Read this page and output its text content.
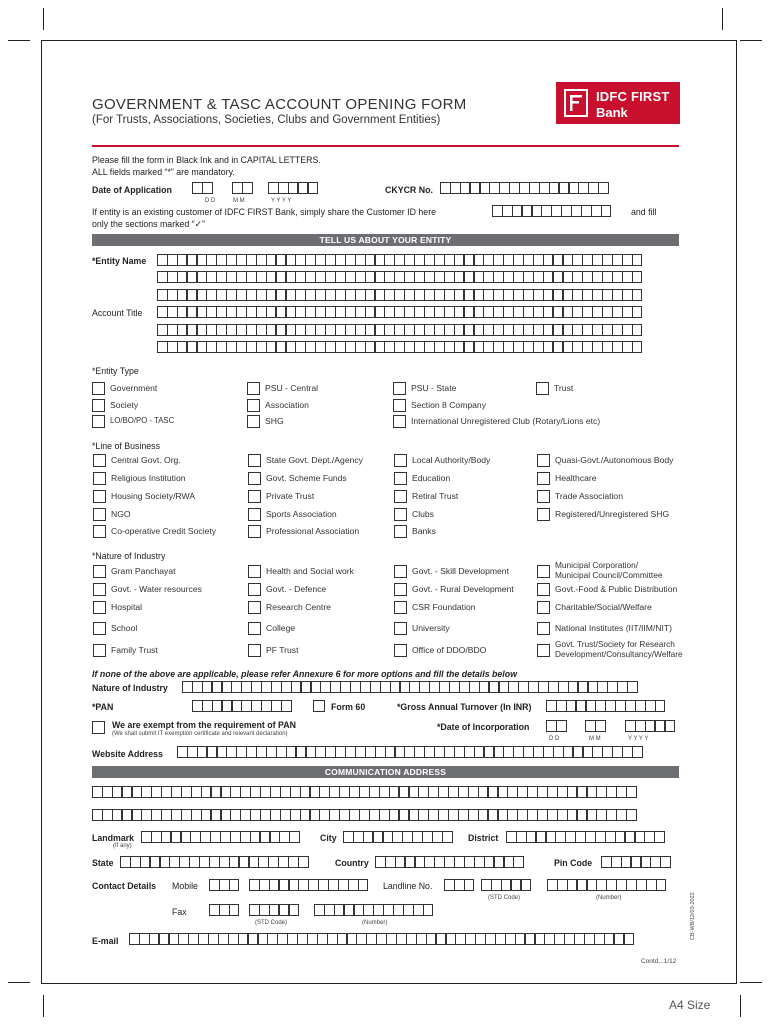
GOVERNMENT & TASC ACCOUNT OPENING FORM
(For Trusts, Associations, Societies, Clubs and Government Entities)
IDFC FIRST
Bank
Please fill the form in Black Ink and in CAPITAL LETTERS.
ALL fields marked “*” are mandatory.
Date of Application
D D	M M	Y Y Y Y
CKYCR No.
If entity is an existing customer of IDFC FIRST Bank, simply share the Customer ID here	and fill
only the sections marked “✓”
TELL US ABOUT YOUR ENTITY
*Entity Name
Account Title
*Entity Type
Government	PSU - Central	PSU - State	Trust
Society	Association	Section 8 Company
LO/BO/PO - TASC	SHG	International Unregistered Club (Rotary/Lions etc)
*Line of Business
Central Govt. Org.	State Govt. Dept./Agency	Local Authority/Body	Quasi-Govt./Autonomous Body
Religious Institution	Govt. Scheme Funds	Education	Healthcare
Housing Society/RWA	Private Trust	Retiral Trust	Trade Association
NGO	Sports Association	Clubs	Registered/Unregistered SHG
Co-operative Credit Society	Professional Association	Banks
*Nature of Industry
Gram Panchayat	Health and Social work	Govt. - Skill Development
Municipal Corporation/
Municipal Council/Committee
Govt. - Water resources	Govt. - Defence	Govt. - Rural Development	Govt.-Food & Public Distribution
Hospital	Research Centre	CSR Foundation	Charitable/Social/Welfare
School	College	University	National Institutes (IIT/IIM/NIT)
Family Trust	PF Trust	Office of DDO/BDO
Govt. Trust/Society for Research
Development/Consultancy/Welfare
If none of the above are applicable, please refer Annexure 6 for more options and fill the details below
Nature of Industry
*PAN	Form 60	*Gross Annual Turnover (In INR)
We are exempt from the requirement of PAN
(We shall submit IT exemption certificate and relevant declaration)
*Date of Incorporation
D D	M M	Y Y Y Y
Website Address
COMMUNICATION ADDRESS
Landmark
(If any)
City	District
State	Country	Pin Code
Contact Details Mobile	Landline No.
(STD Code)	(Number)
Fax
(STD Code)	(Number)
E-mail
CB-WB/12/03-2022
Contd...1/12
A4 Size
